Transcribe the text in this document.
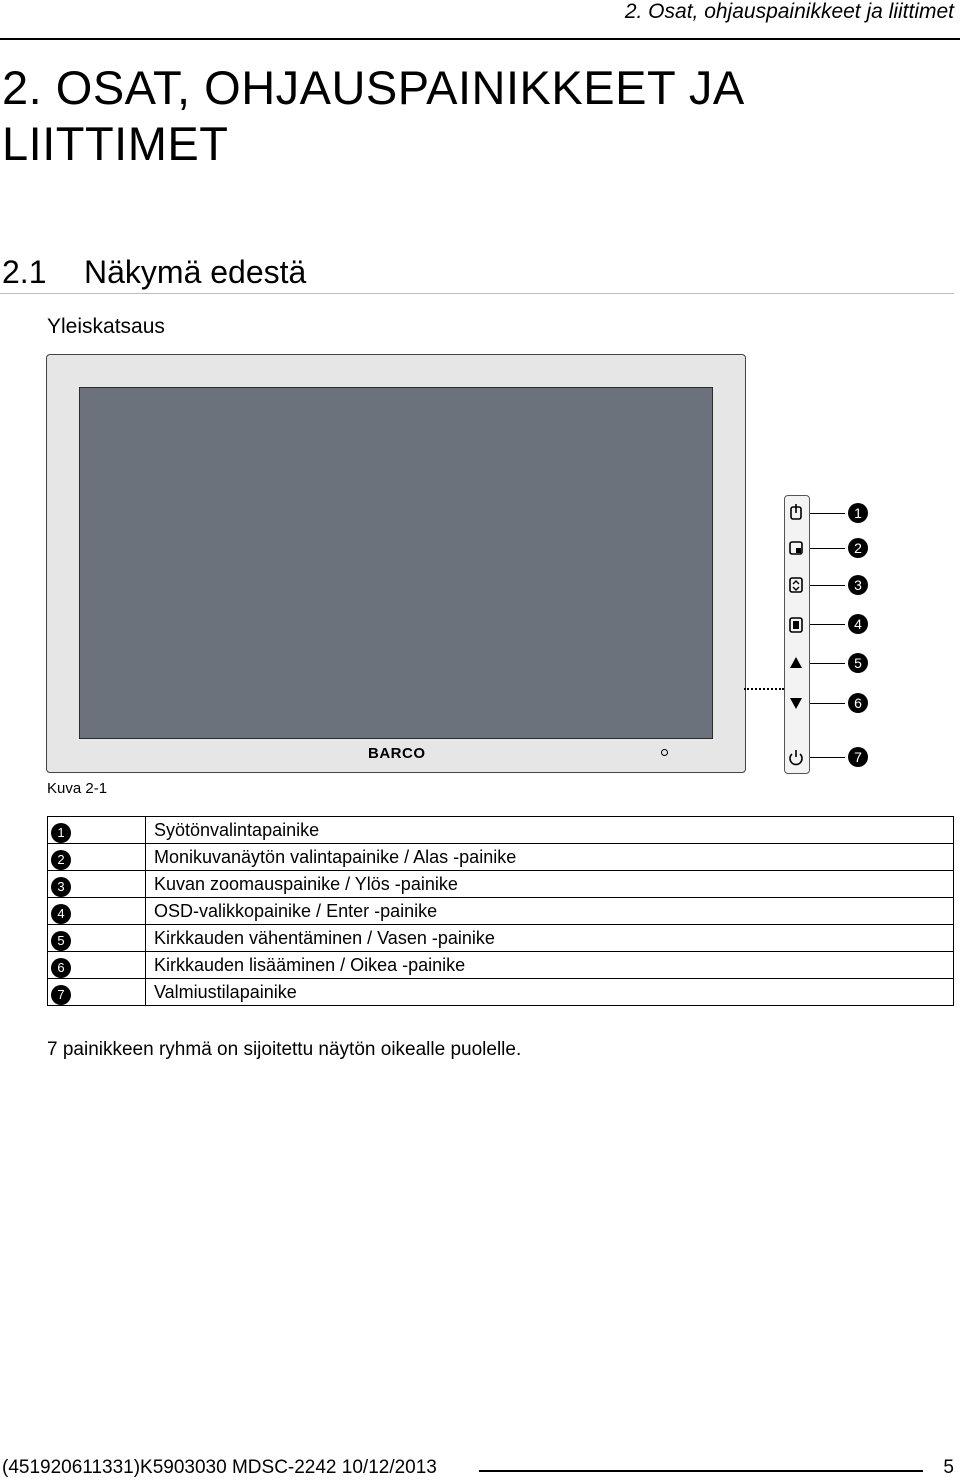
2. Osat, ohjauspainikkeet ja liittimet
2. OSAT, OHJAUSPAINIKKEET JA LIITTIMET
2.1 Näkymä edestä
Yleiskatsaus
BARCO
1
2
3
4
5
6
7
Kuva 2-1
1	Syötönvalintapainike
2	Monikuvanäytön valintapainike / Alas -painike
3	Kuvan zoomauspainike / Ylös -painike
4	OSD-valikkopainike / Enter -painike
5	Kirkkauden vähentäminen / Vasen -painike
6	Kirkkauden lisääminen / Oikea -painike
7	Valmiustilapainike
7 painikkeen ryhmä on sijoitettu näytön oikealle puolelle.
(451920611331)K5903030 MDSC-2242 10/12/2013	5
